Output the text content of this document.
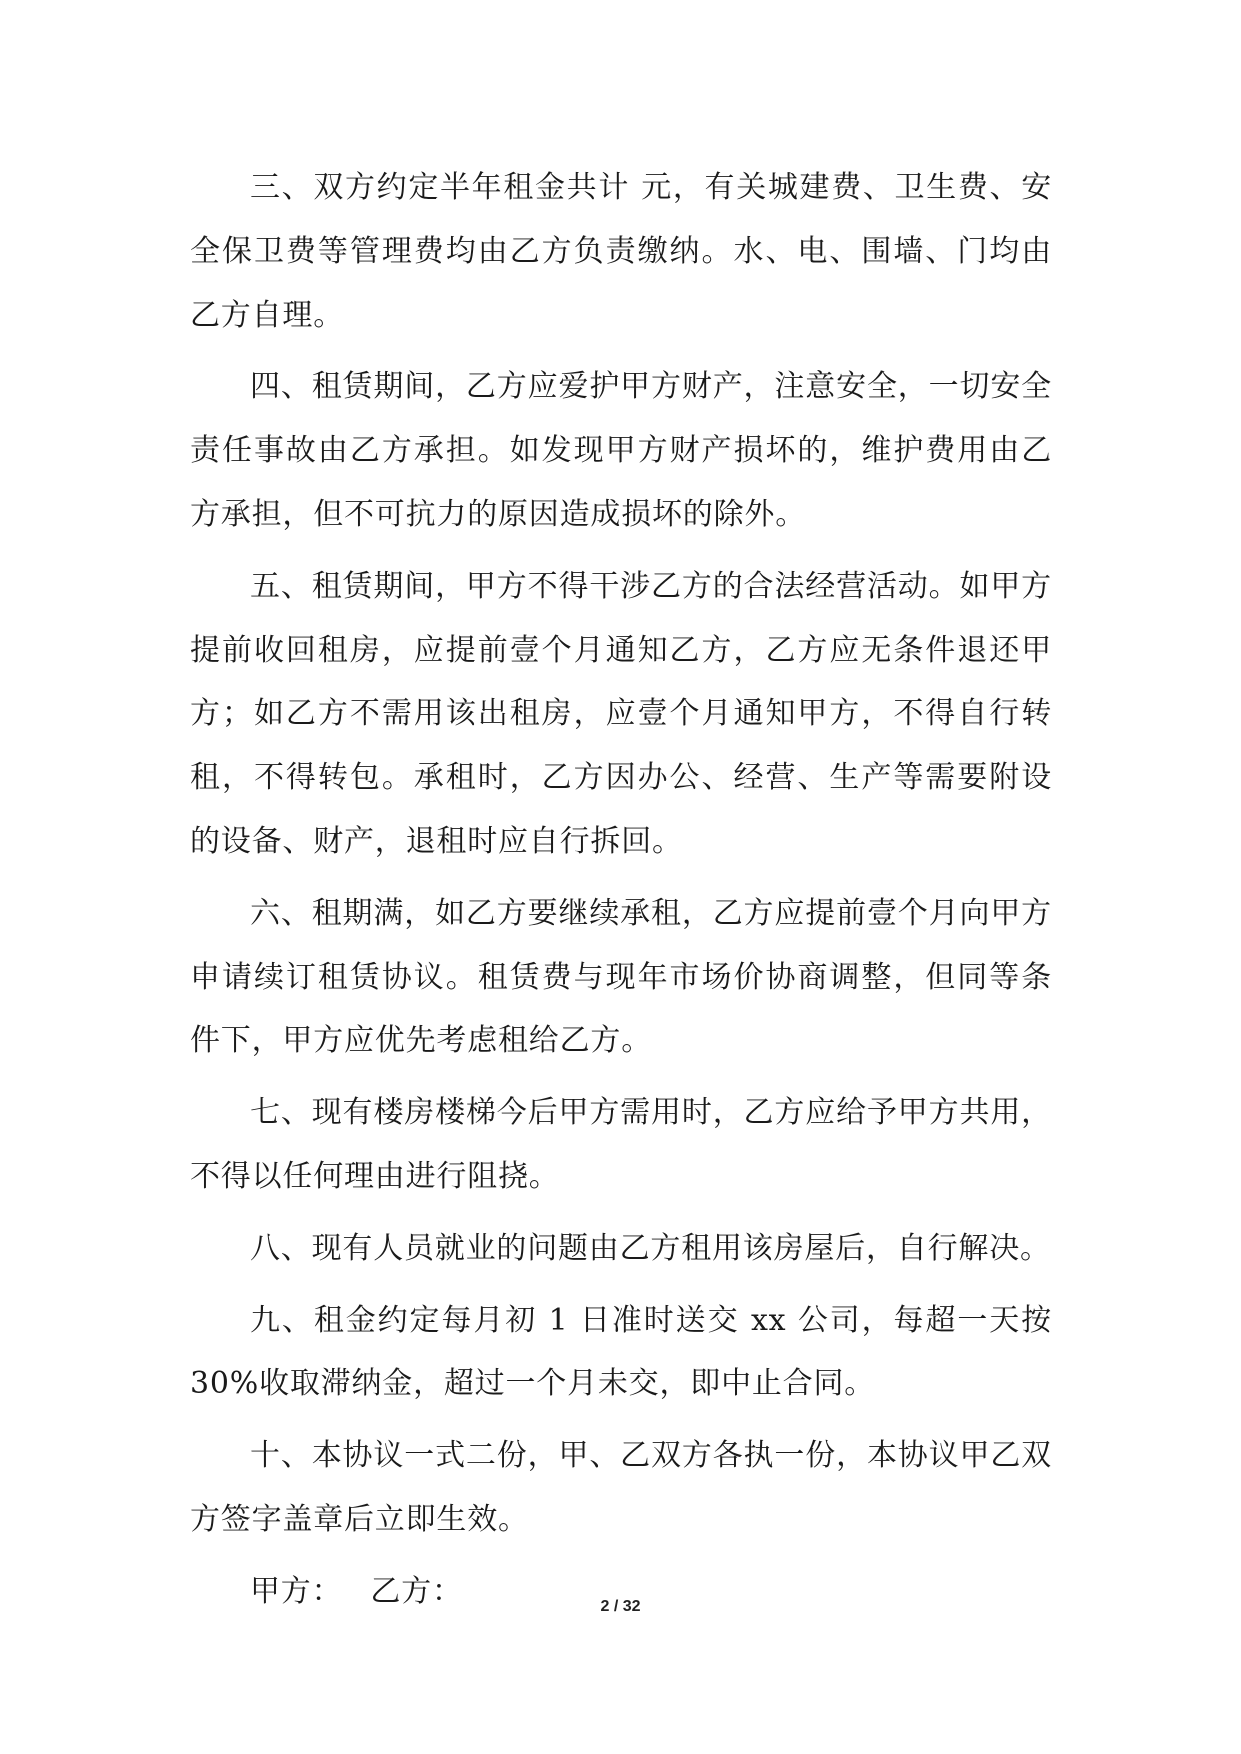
三、双方约定半年租金共计 元，有关城建费、卫生费、安全保卫费等管理费均由乙方负责缴纳。水、电、围墙、门均由乙方自理。

四、租赁期间，乙方应爱护甲方财产，注意安全，一切安全责任事故由乙方承担。如发现甲方财产损坏的，维护费用由乙方承担，但不可抗力的原因造成损坏的除外。

五、租赁期间，甲方不得干涉乙方的合法经营活动。如甲方提前收回租房，应提前壹个月通知乙方，乙方应无条件退还甲方；如乙方不需用该出租房，应壹个月通知甲方，不得自行转租，不得转包。承租时，乙方因办公、经营、生产等需要附设的设备、财产，退租时应自行拆回。

六、租期满，如乙方要继续承租，乙方应提前壹个月向甲方申请续订租赁协议。租赁费与现年市场价协商调整，但同等条件下，甲方应优先考虑租给乙方。

七、现有楼房楼梯今后甲方需用时，乙方应给予甲方共用，不得以任何理由进行阻挠。

八、现有人员就业的问题由乙方租用该房屋后，自行解决。

九、租金约定每月初 1 日准时送交 xx 公司，每超一天按 30%收取滞纳金，超过一个月未交，即中止合同。

十、本协议一式二份，甲、乙双方各执一份，本协议甲乙双方签字盖章后立即生效。

甲方： 乙方：	2 / 32
